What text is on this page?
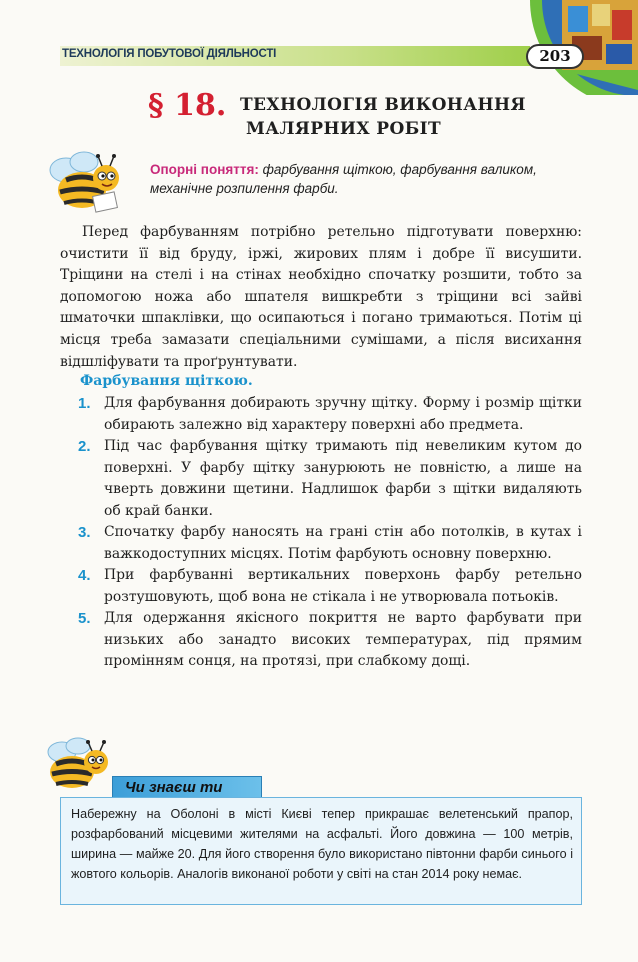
ТЕХНОЛОГІЯ ПОБУТОВОЇ ДІЯЛЬНОСТІ	203
§ 18. ТЕХНОЛОГІЯ ВИКОНАННЯ
МАЛЯРНИХ РОБІТ
Опорні поняття: фарбування щіткою, фарбування валиком, механічне розпилення фарби.
Перед фарбуванням потрібно ретельно підготувати поверхню: очистити її від бруду, іржі, жирових плям і добре її висушити. Тріщини на стелі і на стінах необхідно спочатку розшити, тобто за допомогою ножа або шпателя вишкребти з тріщини всі зайві шматочки шпаклівки, що осипаються і погано тримаються. Потім ці місця треба замазати спеціальними сумішами, а після висихання відшліфувати та проґрунтувати.
Фарбування щіткою.
1. Для фарбування добирають зручну щітку. Форму і розмір щітки обирають залежно від характеру поверхні або предмета.
2. Під час фарбування щітку тримають під невеликим кутом до поверхні. У фарбу щітку занурюють не повністю, а лише на чверть довжини щетини. Надлишок фарби з щітки видаляють об край банки.
3. Спочатку фарбу наносять на грані стін або потолків, в кутах і важкодоступних місцях. Потім фарбують основну поверхню.
4. При фарбуванні вертикальних поверхонь фарбу ретельно розтушовують, щоб вона не стікала і не утворювала потьоків.
5. Для одержання якісного покриття не варто фарбувати при низьких або занадто високих температурах, під прямим промінням сонця, на протязі, при слабкому дощі.
Чи знаєш ти
Набережну на Оболоні в місті Києві тепер прикрашає велетенський прапор, розфарбований місцевими жителями на асфальті. Його довжина — 100 метрів, ширина — майже 20. Для його створення було використано півтонни фарби синього і жовтого кольорів. Аналогів виконаної роботи у світі на стан 2014 року немає.
